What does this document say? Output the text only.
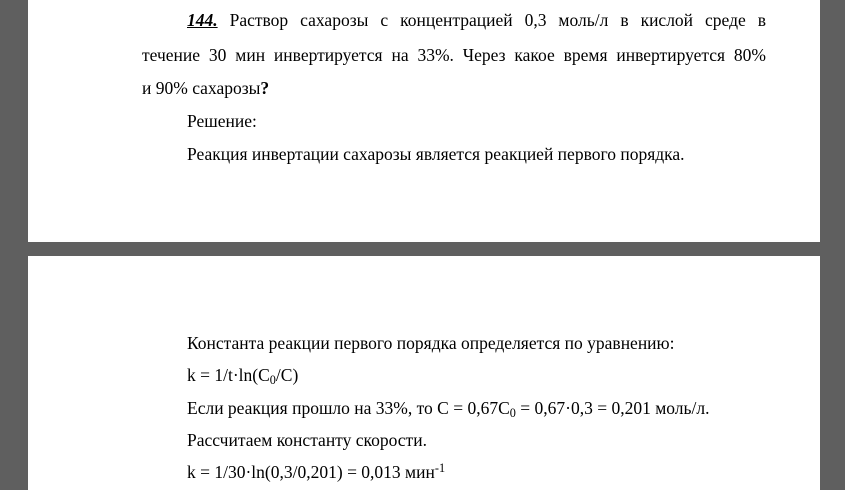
144. Раствор сахарозы с концентрацией 0,3 моль/л в кислой среде в
течение 30 мин инвертируется на 33%. Через какое время инвертируется 80%
и 90% сахарозы?
Решение:
Реакция инвертации сахарозы является реакцией первого порядка.
Константа реакции первого порядка определяется по уравнению:
$k = 1/t\cdot\ln(C_0/C)$
Если реакция прошло на 33%, то $C = 0,67C_0 = 0,67\cdot 0,3 = 0,201$ моль/л.
Рассчитаем константу скорости.
k = 1/30·ln(0,3/0,201) = 0,013 мин$^{-1}$
